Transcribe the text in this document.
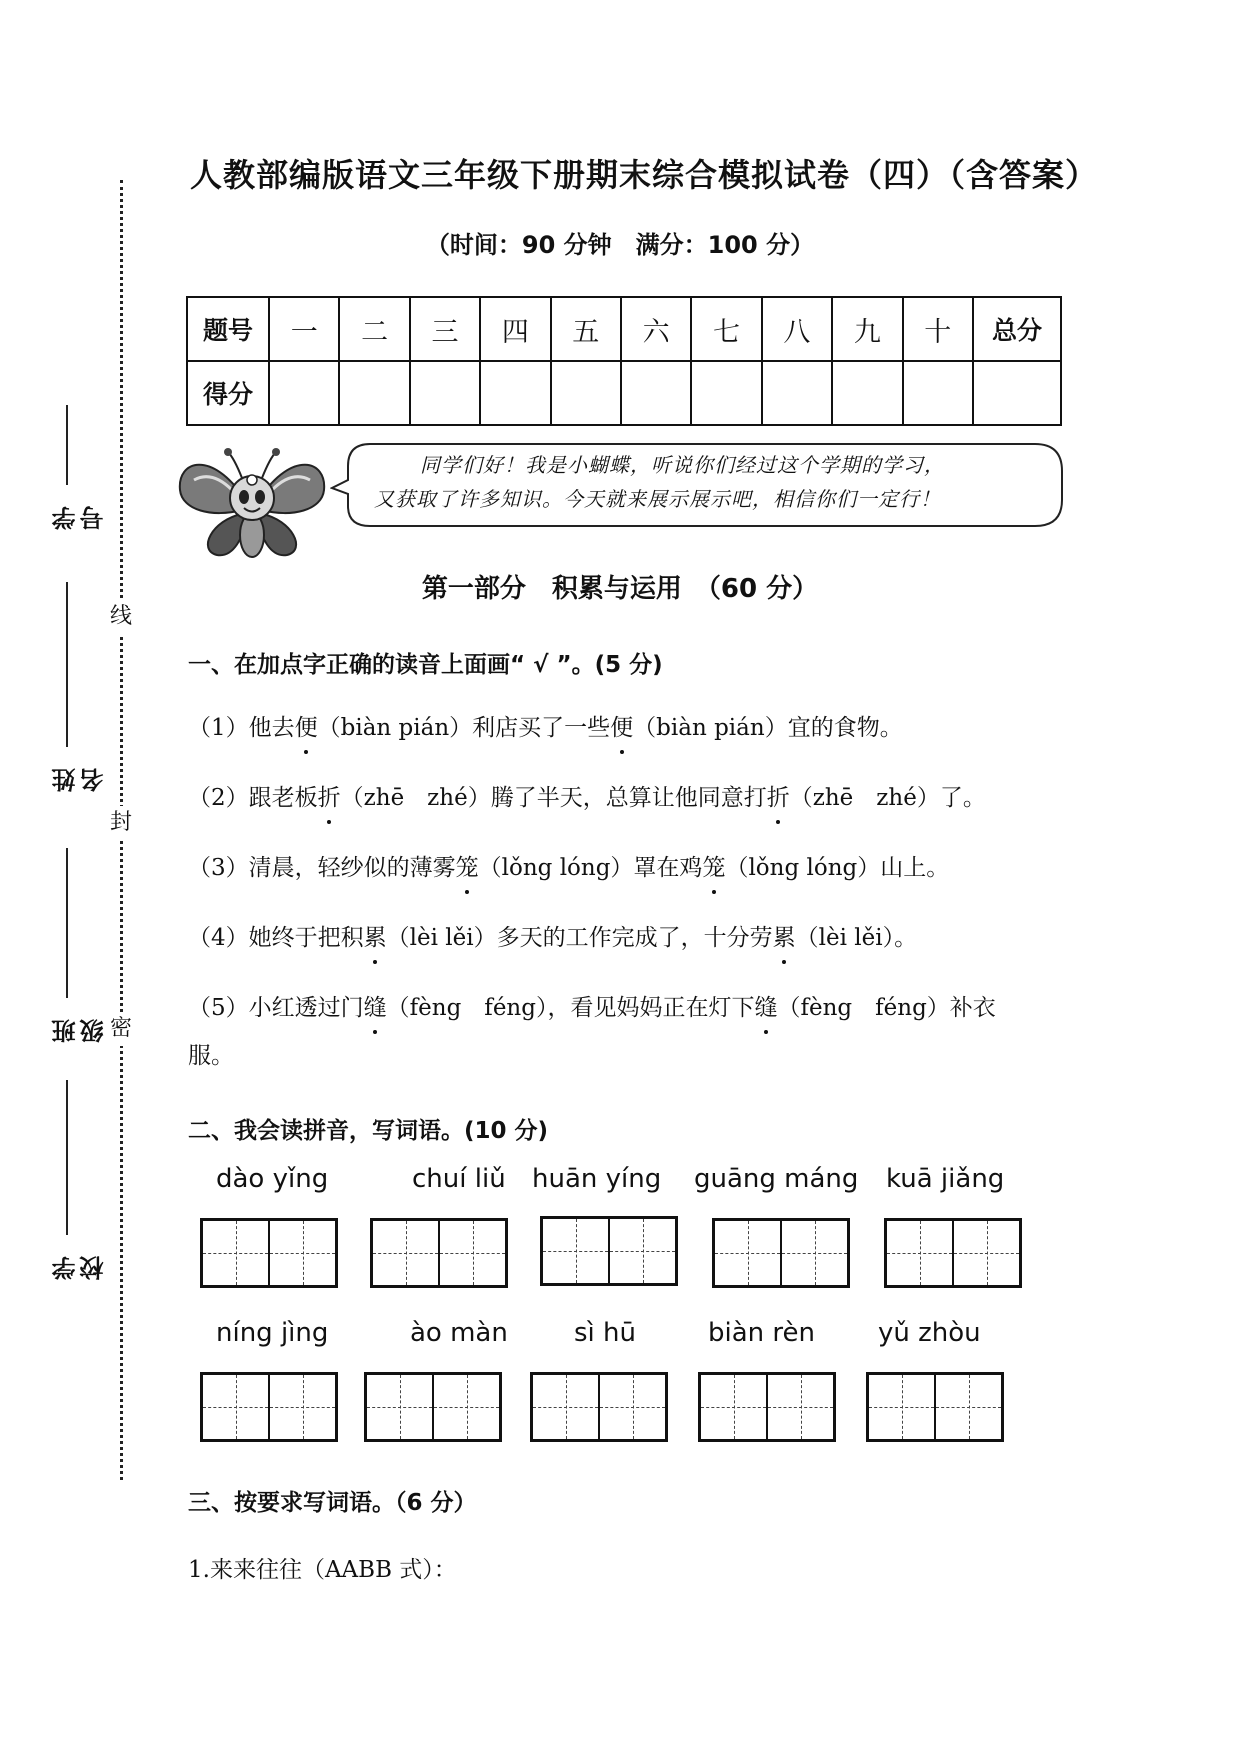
线
封
密
学号
姓名
班级
学校
人教部编版语文三年级下册期末综合模拟试卷（四）（含答案）
（时间：90 分钟　满分：100 分）
题号	一	二	三	四	五	六	七	八	九	十	总分
得分											
同学们好！我是小蝴蝶，听说你们经过这个学期的学习，
又获取了许多知识。今天就来展示展示吧，相信你们一定行！
第一部分　积累与运用　（60 分）
一、在加点字正确的读音上面画“ √ ”。(5 分)
（1）他去便（biàn pián）利店买了一些便（biàn pián）宜的食物。
（2）跟老板折（zhē　zhé）腾了半天，总算让他同意打折（zhē　zhé）了。
（3）清晨，轻纱似的薄雾笼（lǒng lóng）罩在鸡笼（lǒng lóng）山上。
（4）她终于把积累（lèi lěi）多天的工作完成了，十分劳累（lèi lěi）。
（5）小红透过门缝（fèng　féng），看见妈妈正在灯下缝（fèng　féng）补衣
服。
二、我会读拼音，写词语。(10 分)
dào yǐng	chuí liǔ huān yíng guāng máng kuā jiǎng
níng jìng	ào màn	sì hū	biàn rèn yǔ zhòu
三、按要求写词语。（6 分）
1.来来往往（AABB 式）：
